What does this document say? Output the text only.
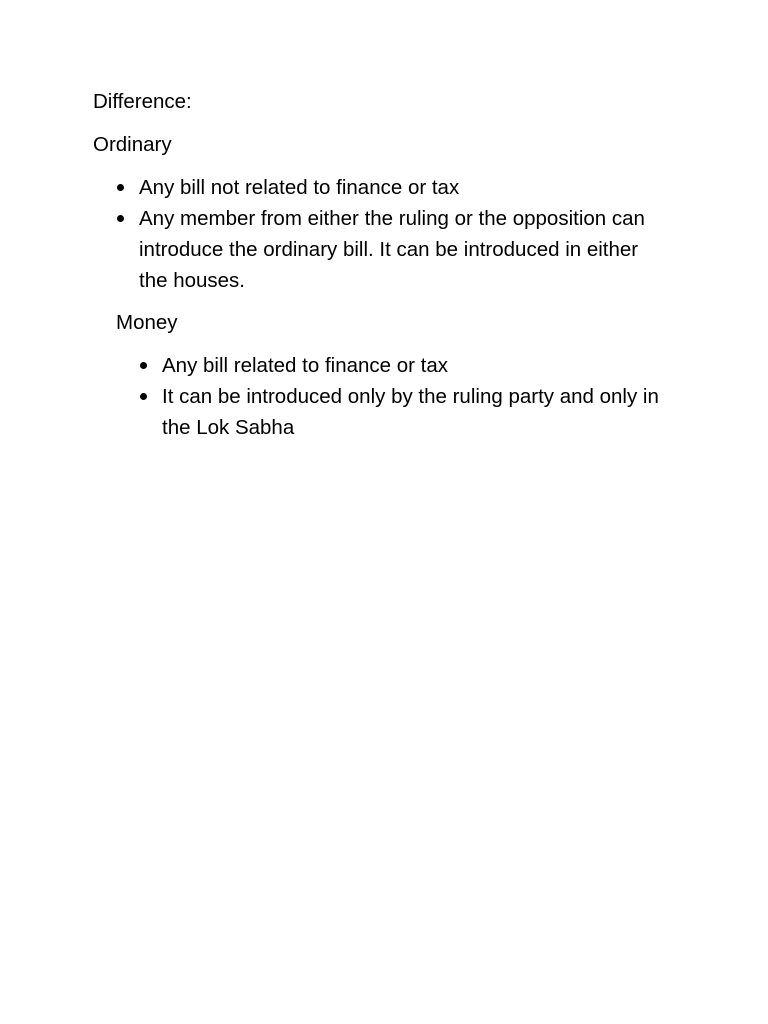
Difference:

Ordinary

Any bill not related to finance or tax
Any member from either the ruling or the opposition can introduce the ordinary bill. It can be introduced in either the houses.

Money

Any bill related to finance or tax
It can be introduced only by the ruling party and only in the Lok Sabha
